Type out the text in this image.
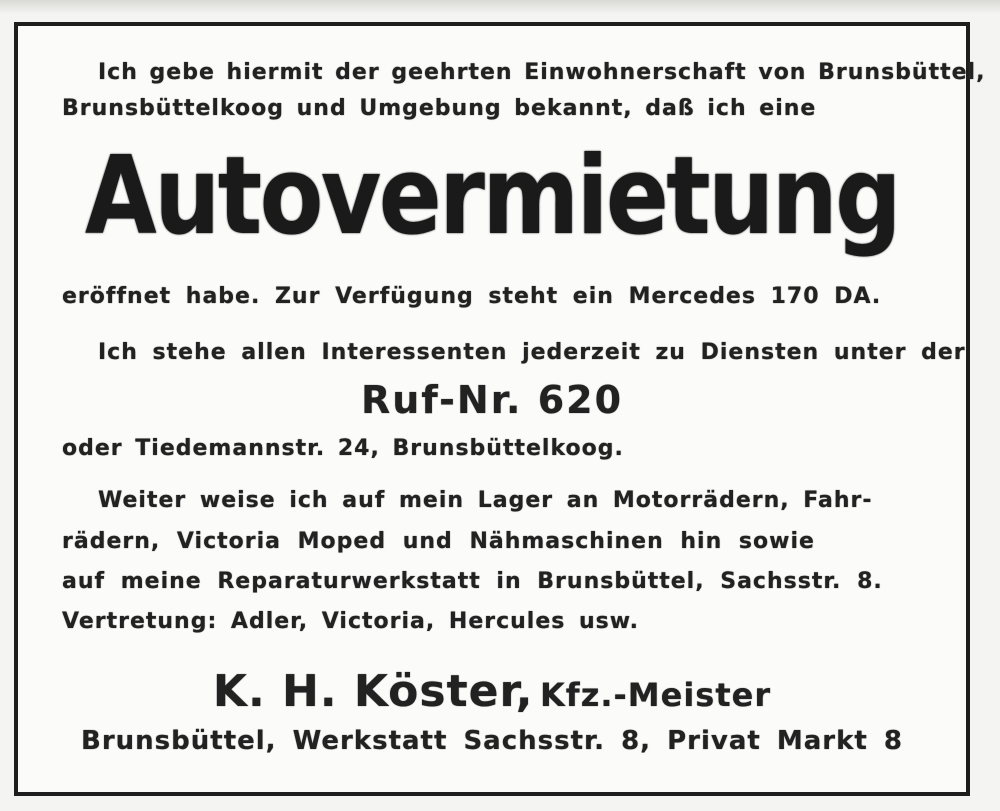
Ich gebe hiermit der geehrten Einwohnerschaft von Brunsbüttel,
Brunsbüttelkoog und Umgebung bekannt, daß ich eine
Autovermietung
eröffnet habe. Zur Verfügung steht ein Mercedes 170 DA.
Ich stehe allen Interessenten jederzeit zu Diensten unter der
Ruf-Nr. 620
oder Tiedemannstr. 24, Brunsbüttelkoog.
Weiter weise ich auf mein Lager an Motorrädern, Fahr-
rädern, Victoria Moped und Nähmaschinen hin sowie
auf meine Reparaturwerkstatt in Brunsbüttel, Sachsstr. 8.
Vertretung: Adler, Victoria, Hercules usw.
K. H. Köster, Kfz.-Meister
Brunsbüttel, Werkstatt Sachsstr. 8, Privat Markt 8
